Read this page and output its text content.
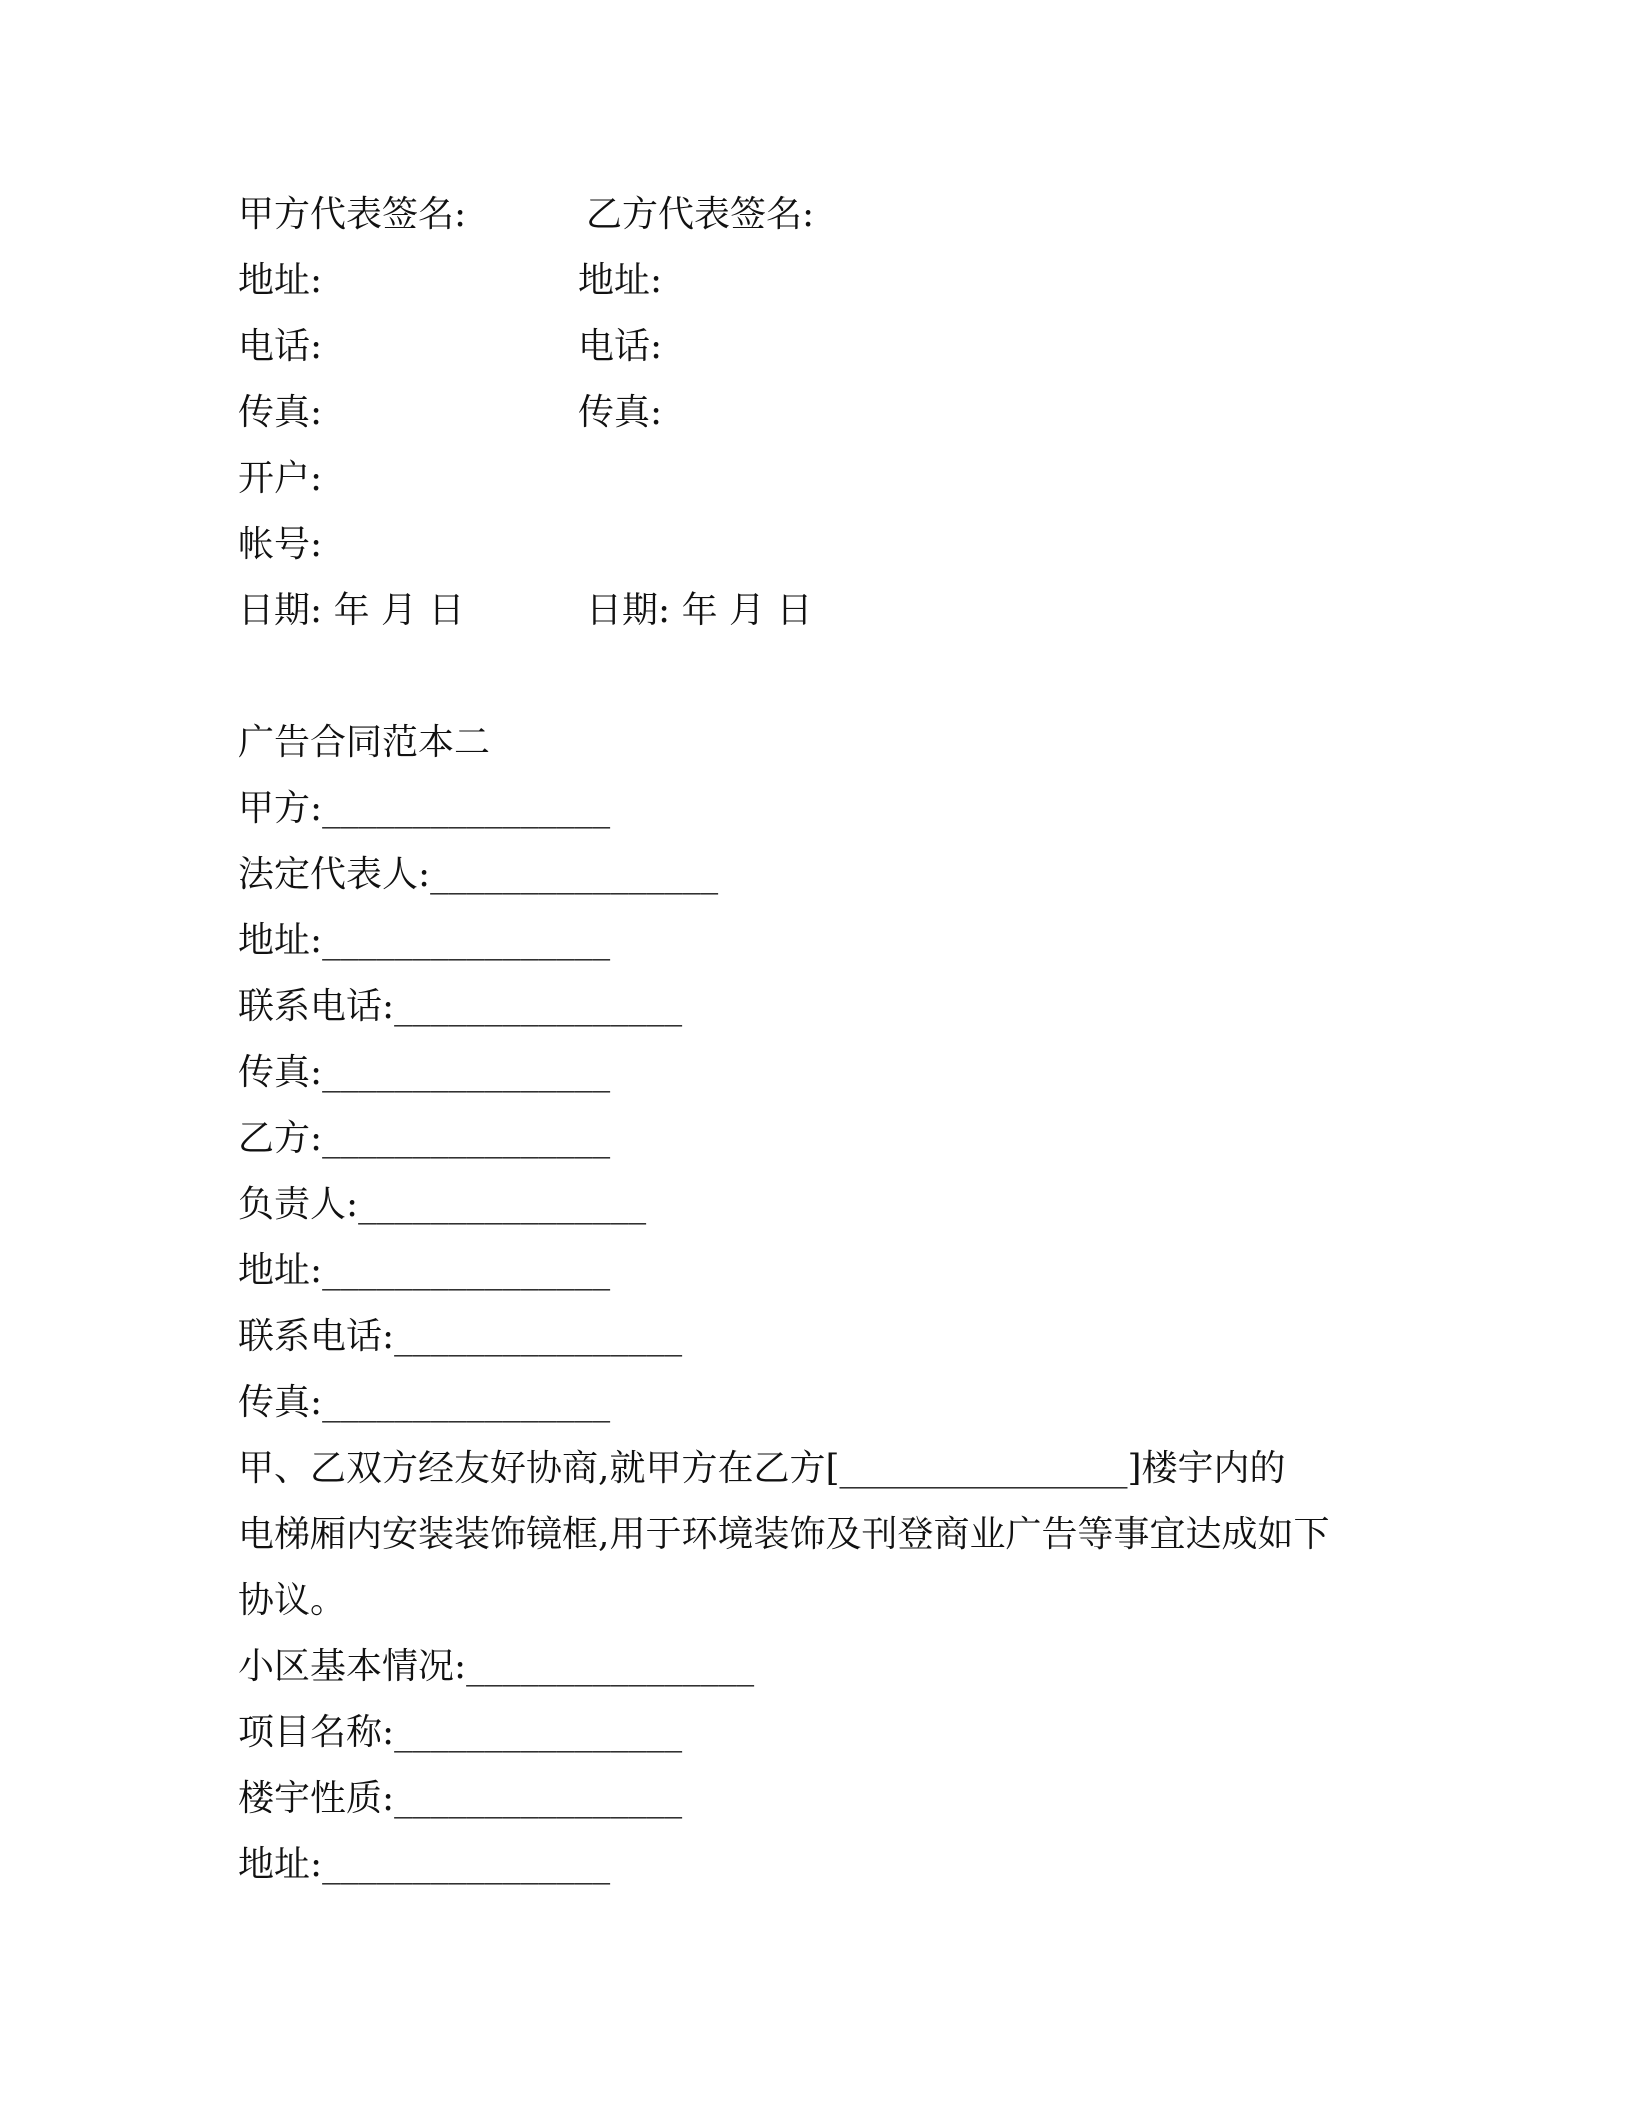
甲方代表签名:	乙方代表签名:
地址:	地址:
电话:	电话:
传真:	传真:
开户:
帐号:
日期: 年 月 日	日期: 年 月 日
广告合同范本二
甲方:________________
法定代表人:________________
地址:________________
联系电话:________________
传真:________________
乙方:________________
负责人:________________
地址:________________
联系电话:________________
传真:________________
甲、乙双方经友好协商,就甲方在乙方[________________]楼宇内的
电梯厢内安装装饰镜框,用于环境装饰及刊登商业广告等事宜达成如下
协议。
小区基本情况:________________
项目名称:________________
楼宇性质:________________
地址:________________
